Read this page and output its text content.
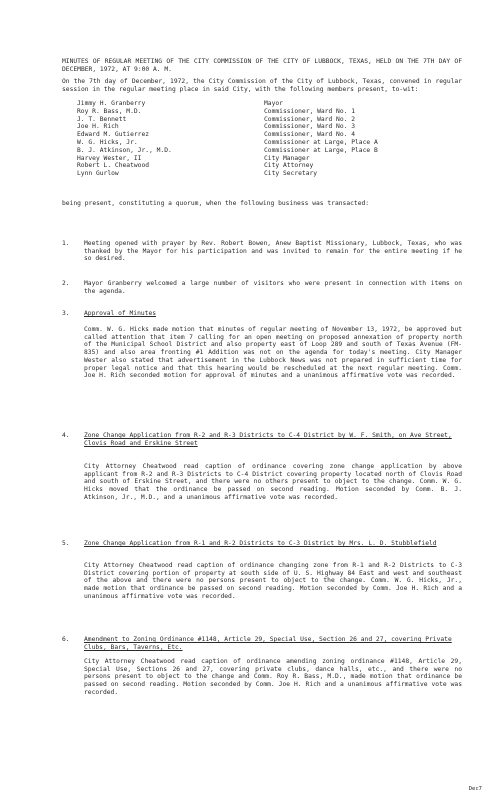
MINUTES OF REGULAR MEETING OF THE CITY COMMISSION OF THE CITY OF LUBBOCK, TEXAS, HELD ON THE 7TH DAY OF DECEMBER, 1972, AT 9:00 A. M.
On the 7th day of December, 1972, the City Commission of the City of Lubbock, Texas, convened in regular session in the regular meeting place in said City, with the following members present, to-wit:
Jimmy H. Granberry	Mayor
Roy R. Bass, M.D.	Commissioner, Ward No. 1
J. T. Bennett	Commissioner, Ward No. 2
Joe H. Rich	Commissioner, Ward No. 3
Edward M. Gutierrez	Commissioner, Ward No. 4
W. G. Hicks, Jr.	Commissioner at Large, Place A
B. J. Atkinson, Jr., M.D.	Commissioner at Large, Place B
Harvey Wester, II	City Manager
Robert L. Cheatwood	City Attorney
Lynn Gurlow	City Secretary
being present, constituting a quorum, when the following business was transacted:
1.	Meeting opened with prayer by Rev. Robert Bowen, Anew Baptist Missionary, Lubbock, Texas, who was thanked by the Mayor for his participation and was invited to remain for the entire meeting if he so desired.
2.	Mayor Granberry welcomed a large number of visitors who were present in connection with items on the agenda.
3.	Approval of Minutes
Comm. W. G. Hicks made motion that minutes of regular meeting of November 13, 1972, be approved but called attention that item 7 calling for an open meeting on proposed annexation of property north of the Municipal School District and also property east of Loop 289 and south of Texas Avenue (FM-835) and also area fronting #1 Addition was not on the agenda for today's meeting. City Manager Wester also stated that advertisement in the Lubbock News was not prepared in sufficient time for proper legal notice and that this hearing would be rescheduled at the next regular meeting. Comm. Joe H. Rich seconded motion for approval of minutes and a unanimous affirmative vote was recorded.
4.	Zone Change Application from R-2 and R-3 Districts to C-4 District by W. F. Smith, on Ave Street, Clovis Road and Erskine Street
City Attorney Cheatwood read caption of ordinance covering zone change application by above applicant from R-2 and R-3 Districts to C-4 District covering property located north of Clovis Road and south of Erskine Street, and there were no others present to object to the change. Comm. W. G. Hicks moved that the ordinance be passed on second reading. Motion seconded by Comm. B. J. Atkinson, Jr., M.D., and a unanimous affirmative vote was recorded.
5.	Zone Change Application from R-1 and R-2 Districts to C-3 District by Mrs. L. D. Stubblefield
City Attorney Cheatwood read caption of ordinance changing zone from R-1 and R-2 Districts to C-3 District covering portion of property at south side of U. S. Highway 84 East and west and southeast of the above and there were no persons present to object to the change. Comm. W. G. Hicks, Jr., made motion that ordinance be passed on second reading. Motion seconded by Comm. Joe H. Rich and a unanimous affirmative vote was recorded.
6.	Amendment to Zoning Ordinance #1148, Article 29, Special Use, Section 26 and 27, covering Private Clubs, Bars, Taverns, Etc.
City Attorney Cheatwood read caption of ordinance amending zoning ordinance #1148, Article 29, Special Use, Sections 26 and 27, covering private clubs, dance halls, etc., and there were no persons present to object to the change and Comm. Roy R. Bass, M.D., made motion that ordinance be passed on second reading. Motion seconded by Comm. Joe H. Rich and a unanimous affirmative vote was recorded.
Dec7
